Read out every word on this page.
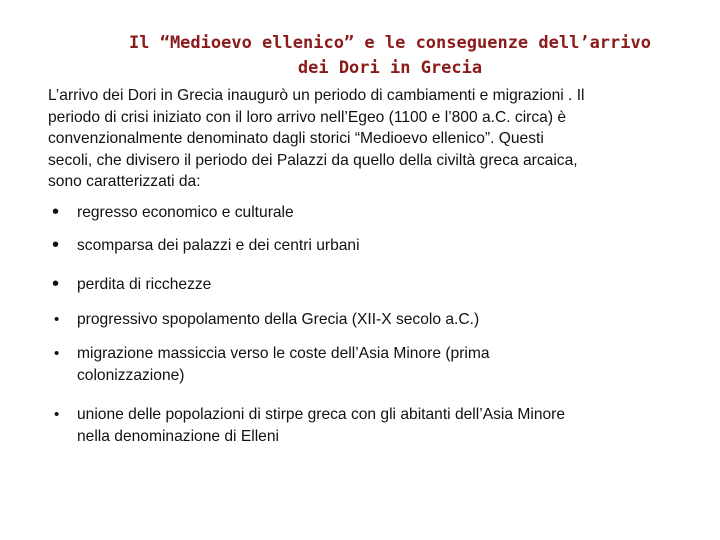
Il “Medioevo ellenico” e le conseguenze dell’arrivo
dei Dori in Grecia

L’arrivo dei Dori in Grecia inaugurò un periodo di cambiamenti e migrazioni . Il
periodo di crisi iniziato con il loro arrivo nell’Egeo (1100 e l’800 a.C. circa) è
convenzionalmente denominato dagli storici “Medioevo ellenico”. Questi
secoli, che divisero il periodo dei Palazzi da quello della civiltà greca arcaica,
sono caratterizzati da:

•	regresso economico e culturale
•	scomparsa dei palazzi e dei centri urbani
•	perdita di ricchezze
•	progressivo spopolamento della Grecia (XII-X secolo a.C.)
•	migrazione massiccia verso le coste dell’Asia Minore (prima
colonizzazione)
•	unione delle popolazioni di stirpe greca con gli abitanti dell’Asia Minore
nella denominazione di Elleni
